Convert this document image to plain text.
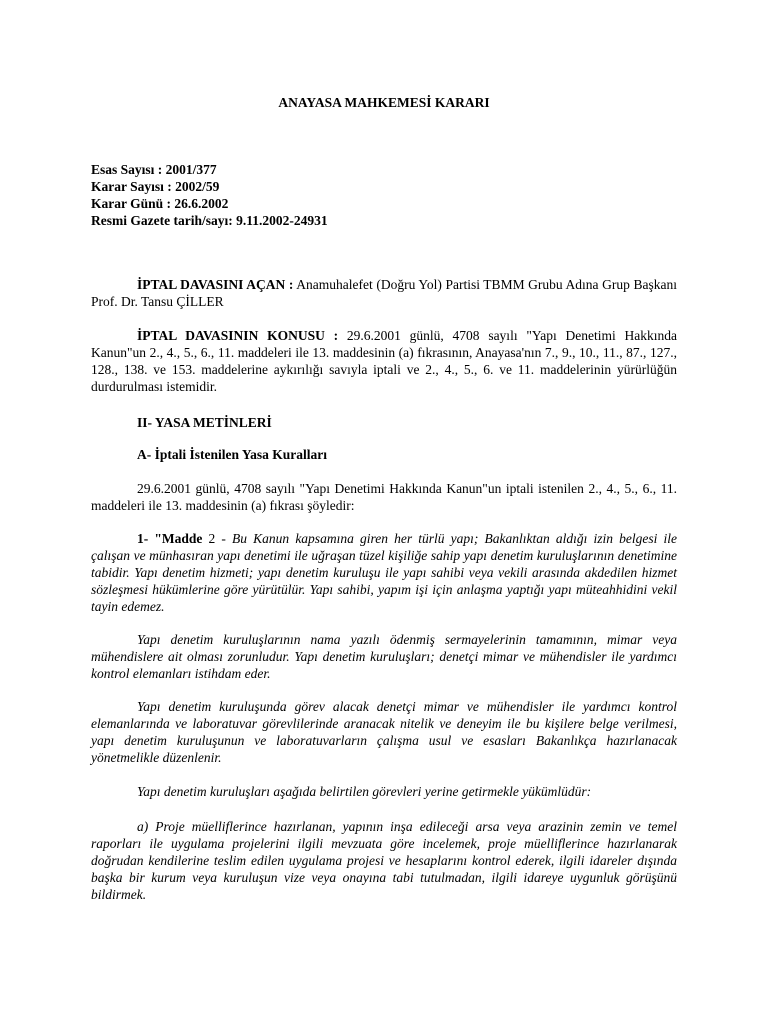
ANAYASA MAHKEMESİ KARARI
Esas Sayısı : 2001/377
Karar Sayısı : 2002/59
Karar Günü : 26.6.2002
Resmi Gazete tarih/sayı: 9.11.2002-24931
İPTAL DAVASINI AÇAN : Anamuhalefet (Doğru Yol) Partisi TBMM Grubu Adına Grup Başkanı Prof. Dr. Tansu ÇİLLER
İPTAL DAVASININ KONUSU : 29.6.2001 günlü, 4708 sayılı "Yapı Denetimi Hakkında Kanun"un 2., 4., 5., 6., 11. maddeleri ile 13. maddesinin (a) fıkrasının, Anayasa'nın 7., 9., 10., 11., 87., 127., 128., 138. ve 153. maddelerine aykırılığı savıyla iptali ve 2., 4., 5., 6. ve 11. maddelerinin yürürlüğün durdurulması istemidir.
II- YASA METİNLERİ
A- İptali İstenilen Yasa Kuralları
29.6.2001 günlü, 4708 sayılı "Yapı Denetimi Hakkında Kanun"un iptali istenilen 2., 4., 5., 6., 11. maddeleri ile 13. maddesinin (a) fıkrası şöyledir:
1- "Madde 2 - Bu Kanun kapsamına giren her türlü yapı; Bakanlıktan aldığı izin belgesi ile çalışan ve münhasıran yapı denetimi ile uğraşan tüzel kişiliğe sahip yapı denetim kuruluşlarının denetimine tabidir. Yapı denetim hizmeti; yapı denetim kuruluşu ile yapı sahibi veya vekili arasında akdedilen hizmet sözleşmesi hükümlerine göre yürütülür. Yapı sahibi, yapım işi için anlaşma yaptığı yapı müteahhidini vekil tayin edemez.
Yapı denetim kuruluşlarının nama yazılı ödenmiş sermayelerinin tamamının, mimar veya mühendislere ait olması zorunludur. Yapı denetim kuruluşları; denetçi mimar ve mühendisler ile yardımcı kontrol elemanları istihdam eder.
Yapı denetim kuruluşunda görev alacak denetçi mimar ve mühendisler ile yardımcı kontrol elemanlarında ve laboratuvar görevlilerinde aranacak nitelik ve deneyim ile bu kişilere belge verilmesi, yapı denetim kuruluşunun ve laboratuvarların çalışma usul ve esasları Bakanlıkça hazırlanacak yönetmelikle düzenlenir.
Yapı denetim kuruluşları aşağıda belirtilen görevleri yerine getirmekle yükümlüdür:
a) Proje müelliflerince hazırlanan, yapının inşa edileceği arsa veya arazinin zemin ve temel raporları ile uygulama projelerini ilgili mevzuata göre incelemek, proje müelliflerince hazırlanarak doğrudan kendilerine teslim edilen uygulama projesi ve hesaplarını kontrol ederek, ilgili idareler dışında başka bir kurum veya kuruluşun vize veya onayına tabi tutulmadan, ilgili idareye uygunluk görüşünü bildirmek.
